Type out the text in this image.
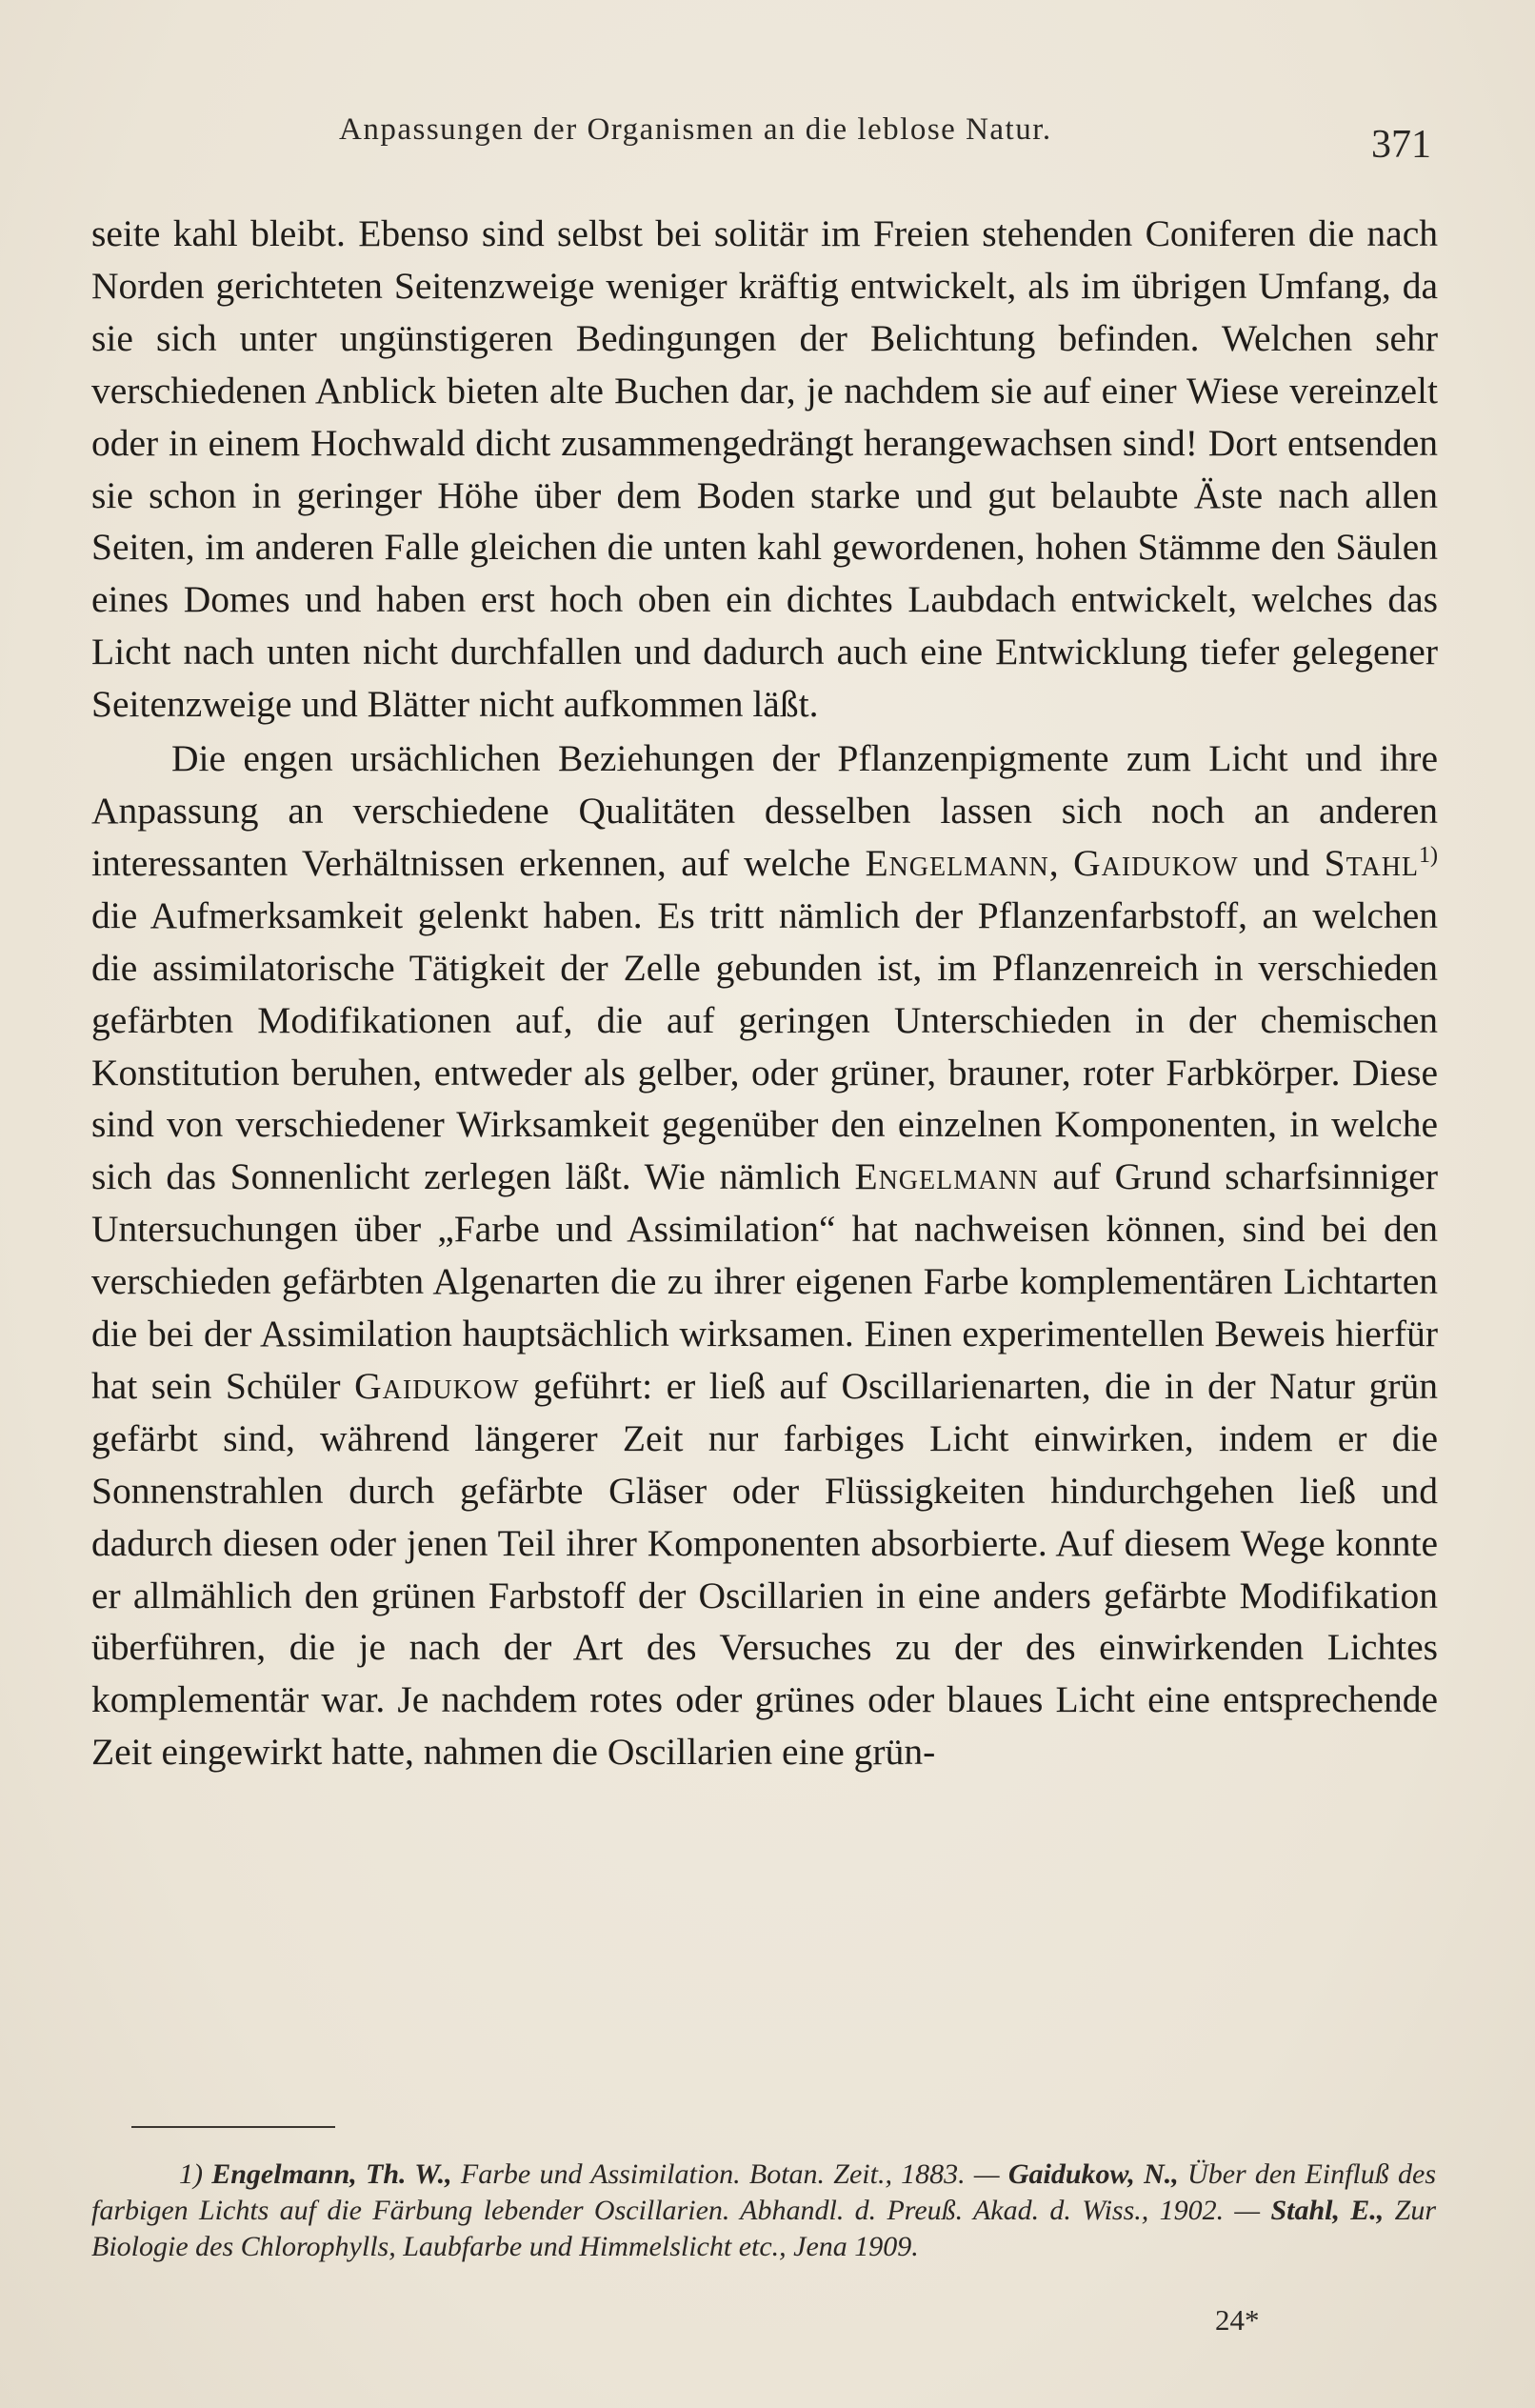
Anpassungen der Organismen an die leblose Natur.	371

seite kahl bleibt. Ebenso sind selbst bei solitär im Freien stehenden Coniferen die nach Norden gerichteten Seitenzweige weniger kräftig entwickelt, als im übrigen Umfang, da sie sich unter ungünstigeren Bedingungen der Belichtung befinden. Welchen sehr verschiedenen Anblick bieten alte Buchen dar, je nachdem sie auf einer Wiese vereinzelt oder in einem Hochwald dicht zusammengedrängt herangewachsen sind! Dort entsenden sie schon in geringer Höhe über dem Boden starke und gut belaubte Äste nach allen Seiten, im anderen Falle gleichen die unten kahl gewordenen, hohen Stämme den Säulen eines Domes und haben erst hoch oben ein dichtes Laubdach entwickelt, welches das Licht nach unten nicht durchfallen und dadurch auch eine Entwicklung tiefer gelegener Seitenzweige und Blätter nicht aufkommen läßt.

Die engen ursächlichen Beziehungen der Pflanzenpigmente zum Licht und ihre Anpassung an verschiedene Qualitäten desselben lassen sich noch an anderen interessanten Verhältnissen erkennen, auf welche Engelmann, Gaidukow und Stahl$^{1)}$ die Aufmerksamkeit gelenkt haben. Es tritt nämlich der Pflanzenfarbstoff, an welchen die assimilatorische Tätigkeit der Zelle gebunden ist, im Pflanzenreich in verschieden gefärbten Modifikationen auf, die auf geringen Unterschieden in der chemischen Konstitution beruhen, entweder als gelber, oder grüner, brauner, roter Farbkörper. Diese sind von verschiedener Wirksamkeit gegenüber den einzelnen Komponenten, in welche sich das Sonnenlicht zerlegen läßt. Wie nämlich Engelmann auf Grund scharfsinniger Untersuchungen über „Farbe und Assimilation“ hat nachweisen können, sind bei den verschieden gefärbten Algenarten die zu ihrer eigenen Farbe komplementären Lichtarten die bei der Assimilation hauptsächlich wirksamen. Einen experimentellen Beweis hierfür hat sein Schüler Gaidukow geführt: er ließ auf Oscillarienarten, die in der Natur grün gefärbt sind, während längerer Zeit nur farbiges Licht einwirken, indem er die Sonnenstrahlen durch gefärbte Gläser oder Flüssigkeiten hindurchgehen ließ und dadurch diesen oder jenen Teil ihrer Komponenten absorbierte. Auf diesem Wege konnte er allmählich den grünen Farbstoff der Oscillarien in eine anders gefärbte Modifikation überführen, die je nach der Art des Versuches zu der des einwirkenden Lichtes komplementär war. Je nachdem rotes oder grünes oder blaues Licht eine entsprechende Zeit eingewirkt hatte, nahmen die Oscillarien eine grün-

1) Engelmann, Th. W., Farbe und Assimilation. Botan. Zeit., 1883. — Gaidukow, N., Über den Einfluß des farbigen Lichts auf die Färbung lebender Oscillarien. Abhandl. d. Preuß. Akad. d. Wiss., 1902. — Stahl, E., Zur Biologie des Chlorophylls, Laubfarbe und Himmelslicht etc., Jena 1909.

24*
